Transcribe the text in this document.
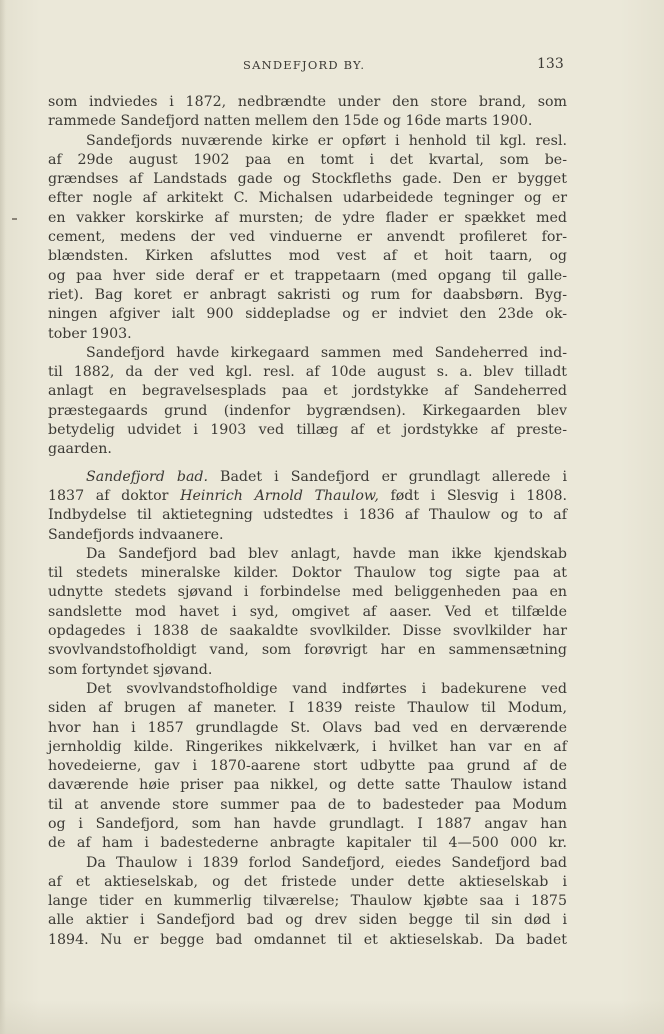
SANDEFJORD BY.	133
som indviedes i 1872, nedbrændte under den store brand, som
rammede Sandefjord natten mellem den 15de og 16de marts 1900.
Sandefjords nuværende kirke er opført i henhold til kgl. resl.
af 29de august 1902 paa en tomt i det kvartal, som be-
grændses af Landstads gade og Stockfleths gade. Den er bygget
efter nogle af arkitekt C. Michalsen udarbeidede tegninger og er
en vakker korskirke af mursten; de ydre flader er spækket med
cement, medens der ved vinduerne er anvendt profileret for-
blændsten. Kirken afsluttes mod vest af et hoit taarn, og
og paa hver side deraf er et trappetaarn (med opgang til galle-
riet). Bag koret er anbragt sakristi og rum for daabsbørn. Byg-
ningen afgiver ialt 900 siddepladse og er indviet den 23de ok-
tober 1903.
Sandefjord havde kirkegaard sammen med Sandeherred ind-
til 1882, da der ved kgl. resl. af 10de august s. a. blev tilladt
anlagt en begravelsesplads paa et jordstykke af Sandeherred
præstegaards grund (indenfor bygrændsen). Kirkegaarden blev
betydelig udvidet i 1903 ved tillæg af et jordstykke af preste-
gaarden.
Sandefjord bad. Badet i Sandefjord er grundlagt allerede i
1837 af doktor Heinrich Arnold Thaulow, født i Slesvig i 1808.
Indbydelse til aktietegning udstedtes i 1836 af Thaulow og to af
Sandefjords indvaanere.
Da Sandefjord bad blev anlagt, havde man ikke kjendskab
til stedets mineralske kilder. Doktor Thaulow tog sigte paa at
udnytte stedets sjøvand i forbindelse med beliggenheden paa en
sandslette mod havet i syd, omgivet af aaser. Ved et tilfælde
opdagedes i 1838 de saakaldte svovlkilder. Disse svovlkilder har
svovlvandstofholdigt vand, som forøvrigt har en sammensætning
som fortyndet sjøvand.
Det svovlvandstofholdige vand indførtes i badekurene ved
siden af brugen af maneter. I 1839 reiste Thaulow til Modum,
hvor han i 1857 grundlagde St. Olavs bad ved en derværende
jernholdig kilde. Ringerikes nikkelværk, i hvilket han var en af
hovedeierne, gav i 1870-aarene stort udbytte paa grund af de
daværende høie priser paa nikkel, og dette satte Thaulow istand
til at anvende store summer paa de to badesteder paa Modum
og i Sandefjord, som han havde grundlagt. I 1887 angav han
de af ham i badestederne anbragte kapitaler til 4—500 000 kr.
Da Thaulow i 1839 forlod Sandefjord, eiedes Sandefjord bad
af et aktieselskab, og det fristede under dette aktieselskab i
lange tider en kummerlig tilværelse; Thaulow kjøbte saa i 1875
alle aktier i Sandefjord bad og drev siden begge til sin død i
1894. Nu er begge bad omdannet til et aktieselskab. Da badet
